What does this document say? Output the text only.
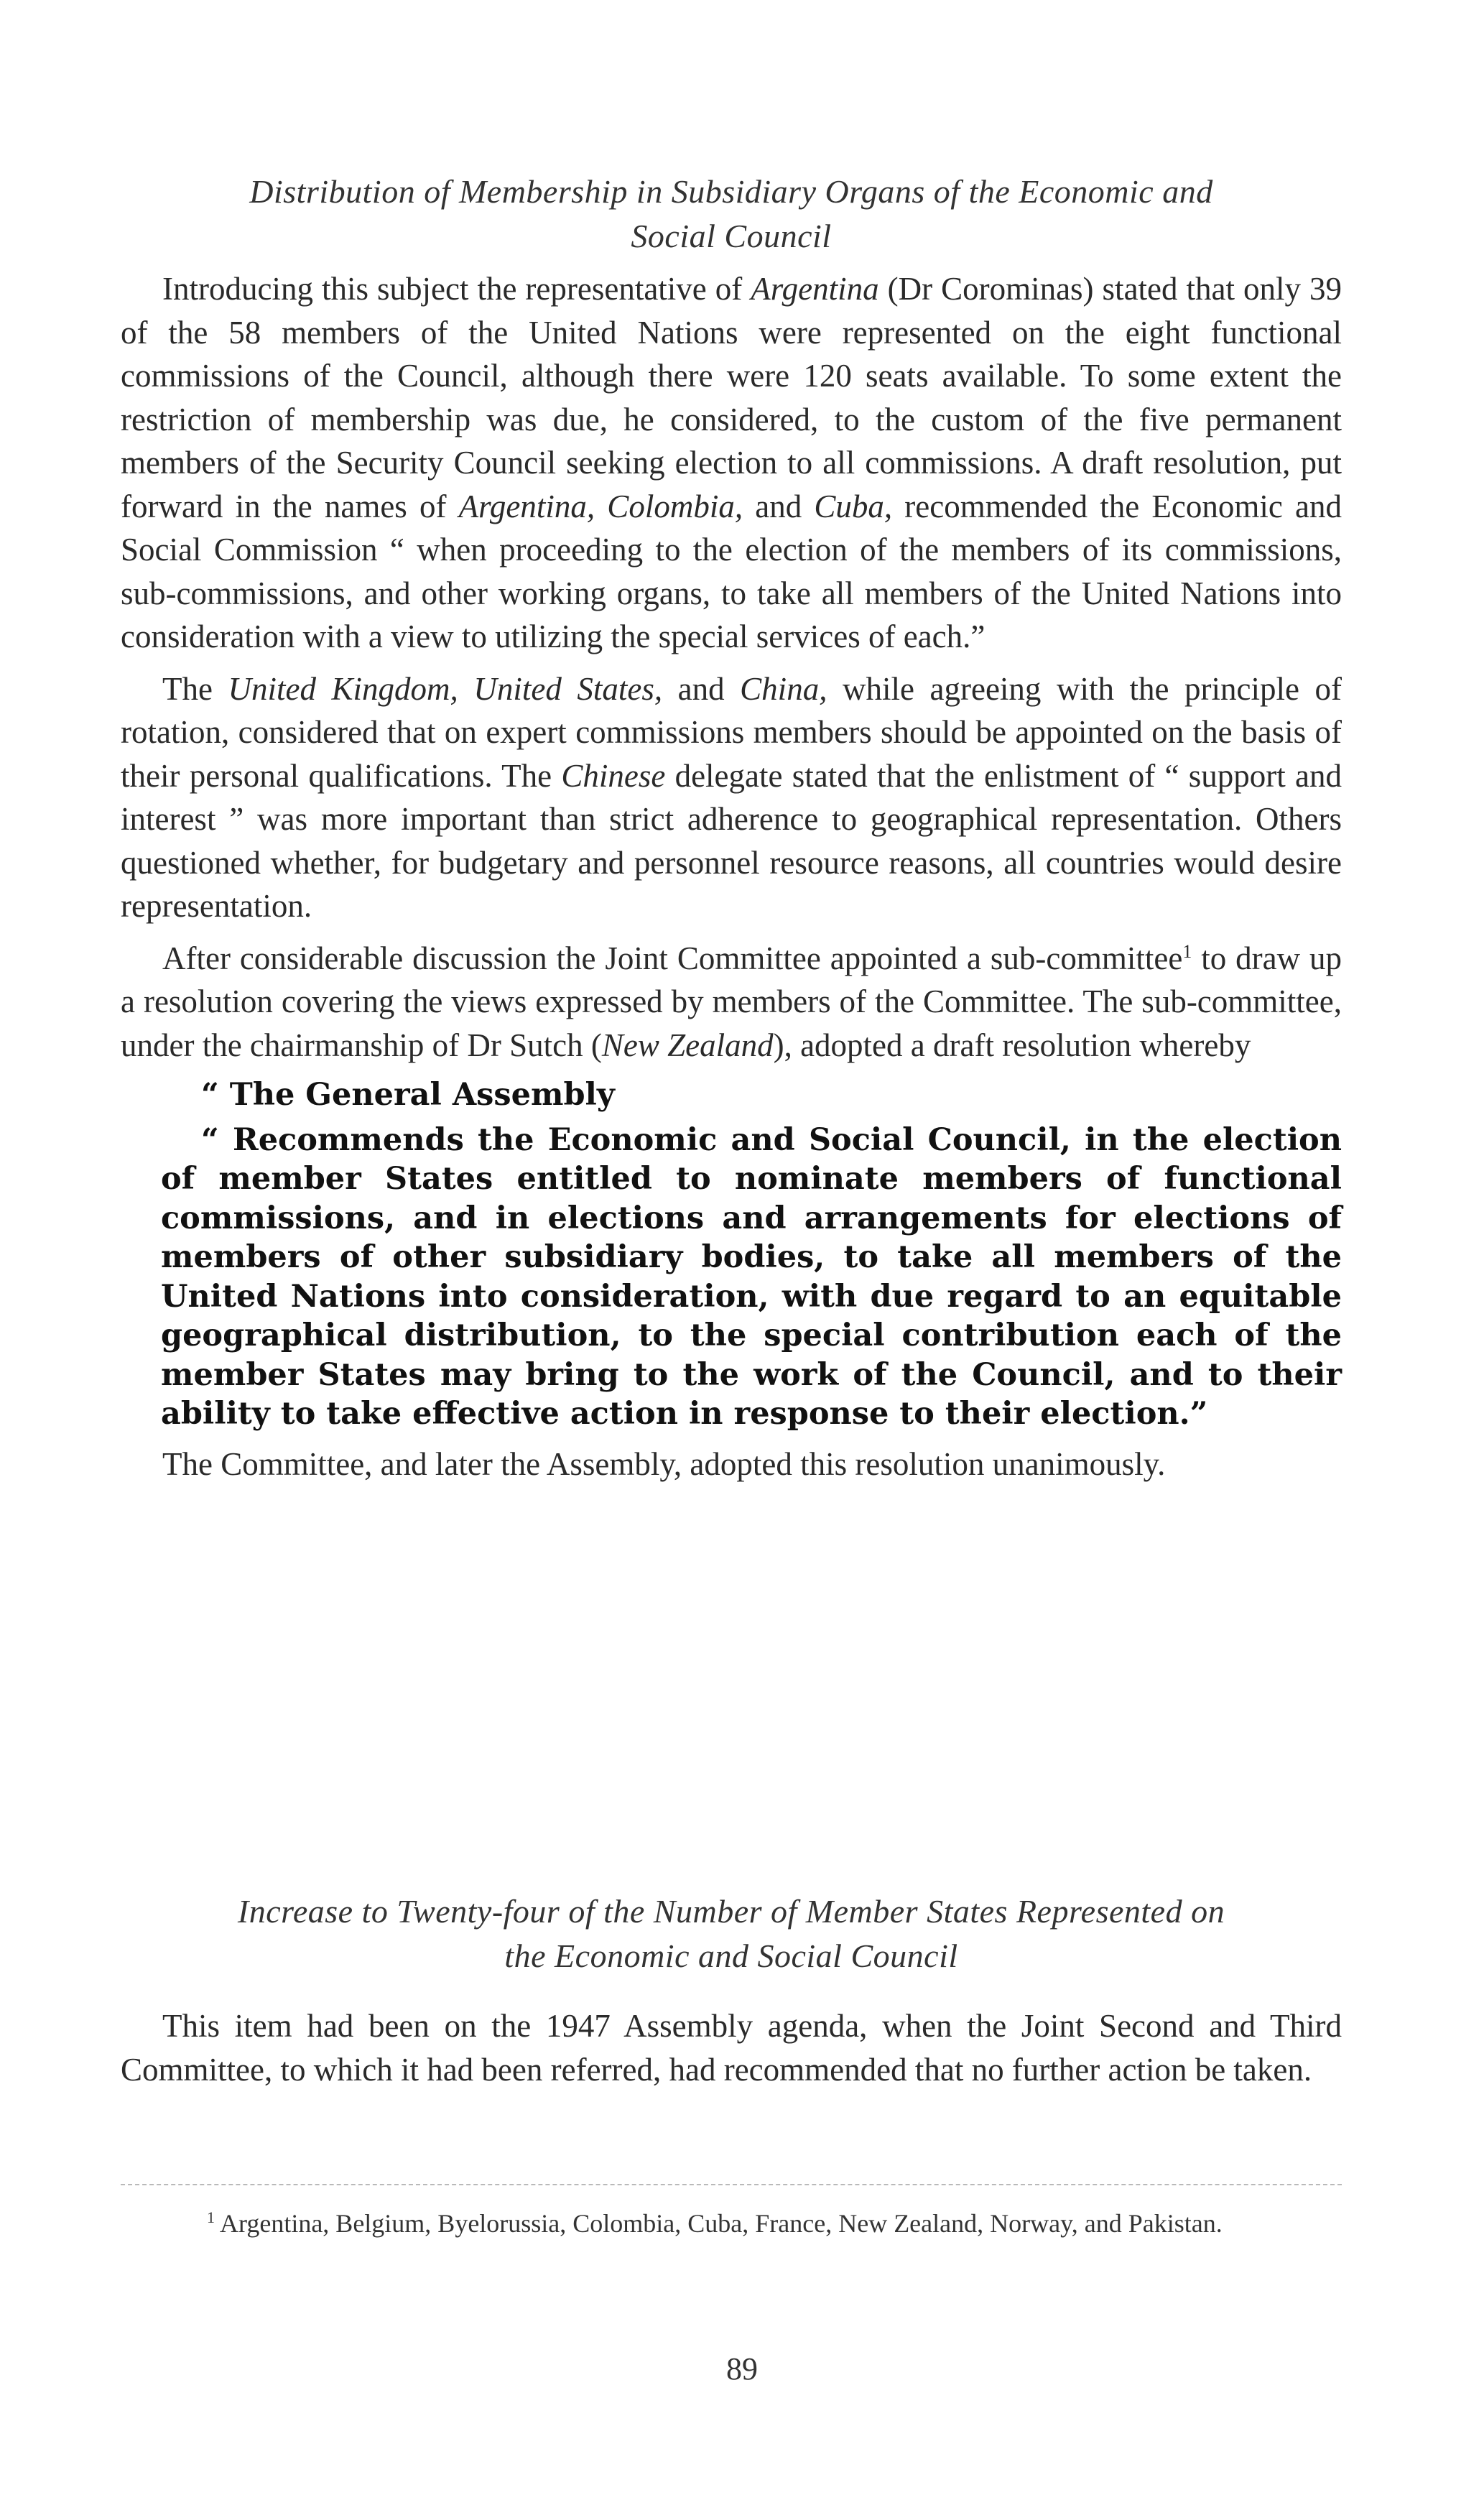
Distribution of Membership in Subsidiary Organs of the Economic and
Social Council

Introducing this subject the representative of Argentina (Dr Corominas) stated that only 39 of the 58 members of the United Nations were represented on the eight functional commissions of the Council, although there were 120 seats available. To some extent the restriction of membership was due, he considered, to the custom of the five permanent members of the Security Council seeking election to all commissions. A draft resolution, put forward in the names of Argentina, Colombia, and Cuba, recommended the Economic and Social Commission “ when proceeding to the election of the members of its commissions, sub-commissions, and other working organs, to take all members of the United Nations into consideration with a view to utilizing the special services of each.”

The United Kingdom, United States, and China, while agreeing with the principle of rotation, considered that on expert commissions members should be appointed on the basis of their personal qualifications. The Chinese delegate stated that the enlistment of “ support and interest ” was more important than strict adherence to geographical representation. Others questioned whether, for budgetary and personnel resource reasons, all countries would desire representation.

After considerable discussion the Joint Committee appointed a sub-committee$^1$ to draw up a resolution covering the views expressed by members of the Committee. The sub-committee, under the chairmanship of Dr Sutch (New Zealand), adopted a draft resolution whereby

“ The General Assembly

“ Recommends the Economic and Social Council, in the election of member States entitled to nominate members of functional commissions, and in elections and arrangements for elections of members of other subsidiary bodies, to take all members of the United Nations into consideration, with due regard to an equitable geographical distribution, to the special contribution each of the member States may bring to the work of the Council, and to their ability to take effective action in response to their election.”

The Committee, and later the Assembly, adopted this resolution unanimously.

Increase to Twenty-four of the Number of Member States Represented on
the Economic and Social Council

This item had been on the 1947 Assembly agenda, when the Joint Second and Third Committee, to which it had been referred, had recommended that no further action be taken.

$^1$ Argentina, Belgium, Byelorussia, Colombia, Cuba, France, New Zealand, Norway, and Pakistan.
89
